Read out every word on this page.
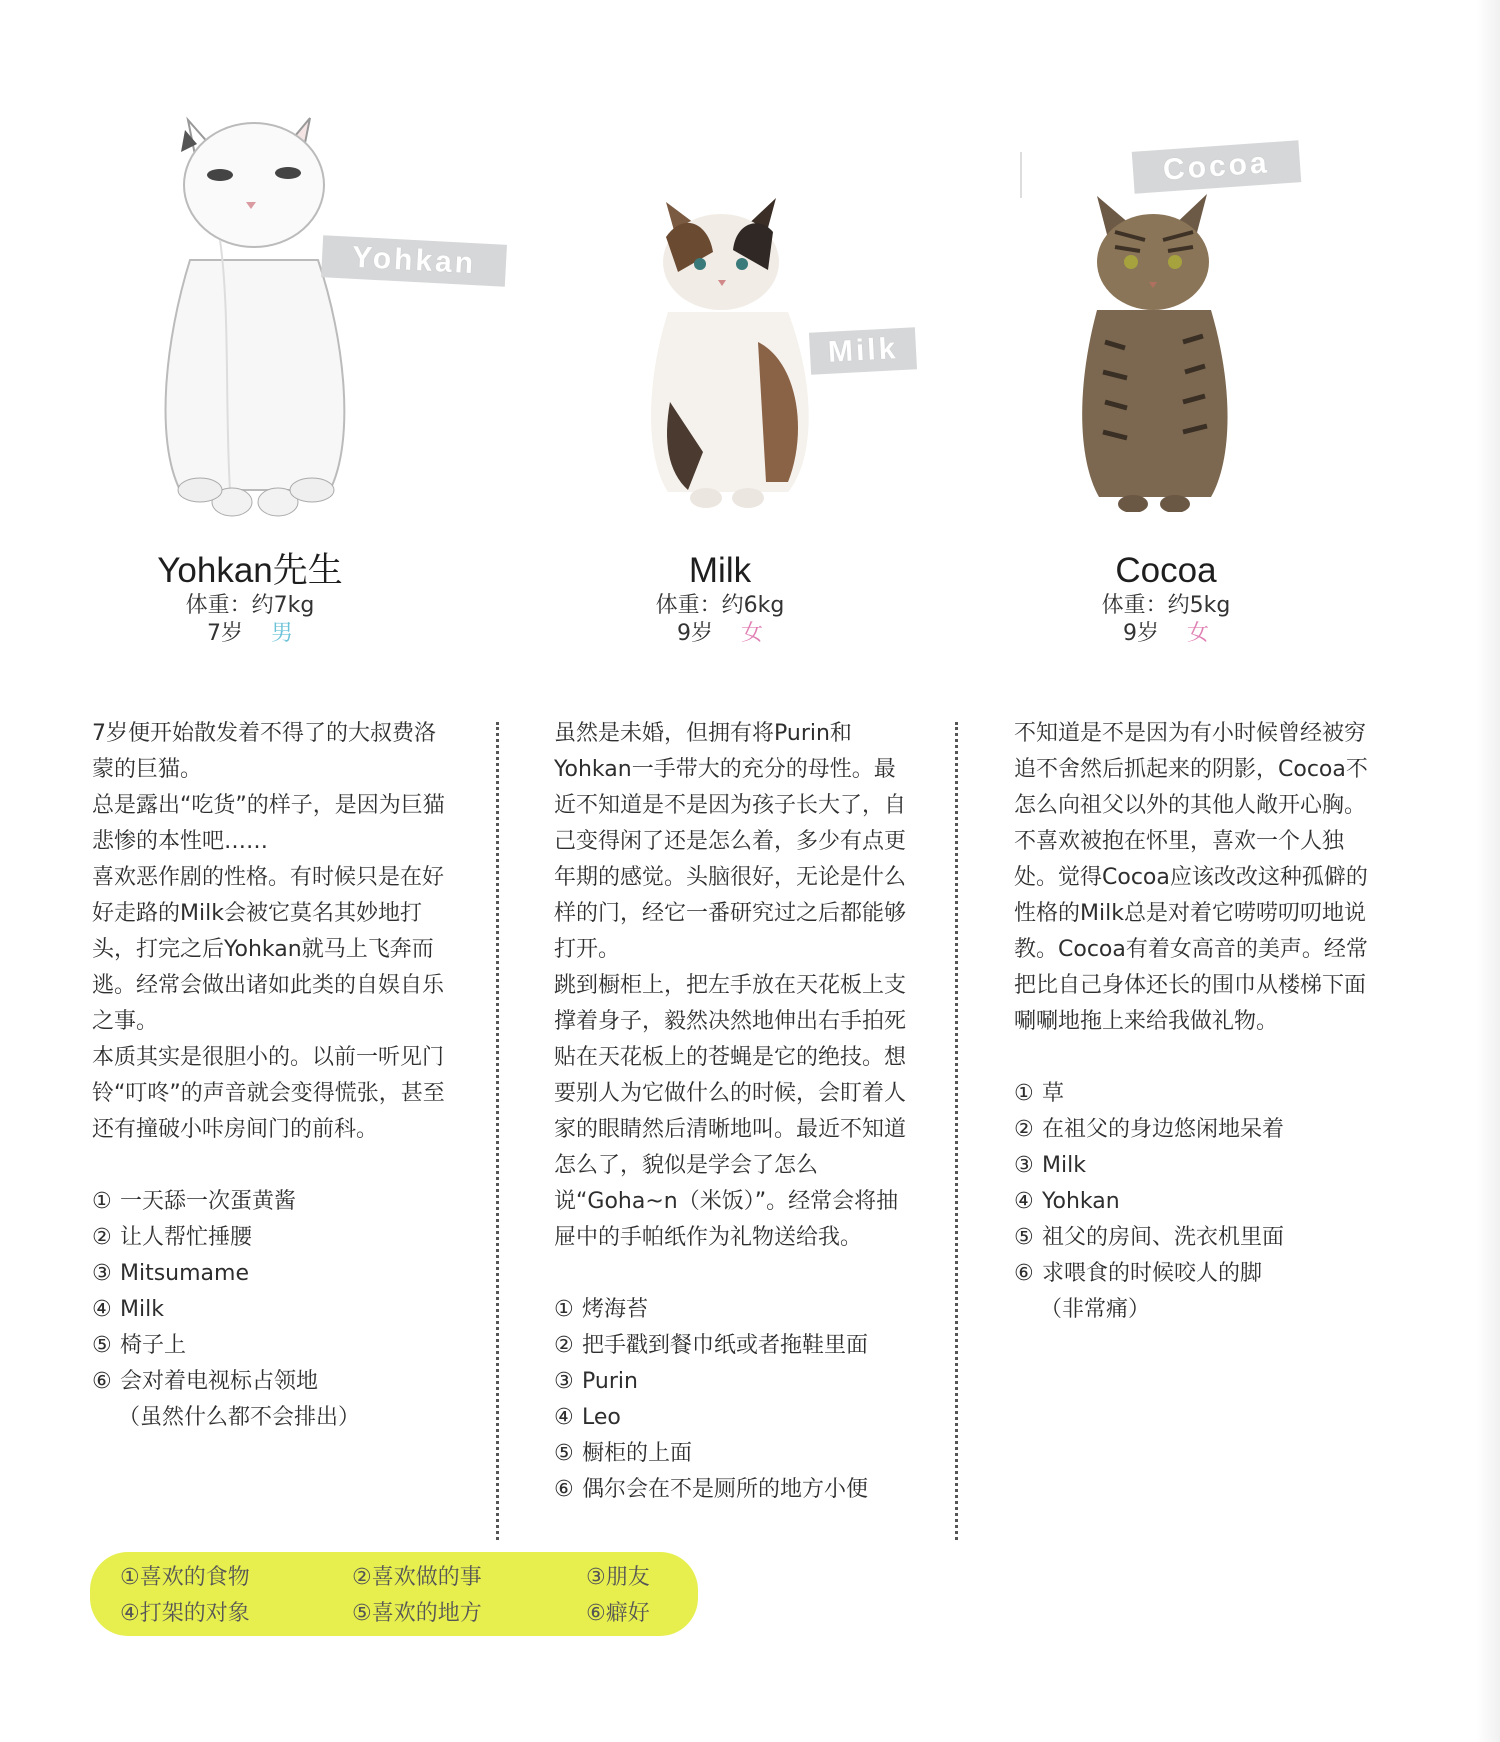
Yohkan
Milk
Cocoa
Yohkan先生
体重：约7kg
7岁 男
Milk
体重：约6kg
9岁 女
Cocoa
体重：约5kg
9岁 女

7岁便开始散发着不得了的大叔费洛蒙的巨猫。

总是露出“吃货”的样子，是因为巨猫悲惨的本性吧……

喜欢恶作剧的性格。有时候只是在好好走路的Milk会被它莫名其妙地打头，打完之后Yohkan就马上飞奔而逃。经常会做出诸如此类的自娱自乐之事。

本质其实是很胆小的。以前一听见门铃“叮咚”的声音就会变得慌张，甚至还有撞破小咔房间门的前科。

① 一天舔一次蛋黄酱
② 让人帮忙捶腰
③ Mitsumame
④ Milk
⑤ 椅子上
⑥ 会对着电视标占领地
（虽然什么都不会排出）

虽然是未婚，但拥有将Purin和Yohkan一手带大的充分的母性。最近不知道是不是因为孩子长大了，自己变得闲了还是怎么着，多少有点更年期的感觉。头脑很好，无论是什么样的门，经它一番研究过之后都能够打开。

跳到橱柜上，把左手放在天花板上支撑着身子，毅然决然地伸出右手拍死贴在天花板上的苍蝇是它的绝技。想要别人为它做什么的时候，会盯着人家的眼睛然后清晰地叫。最近不知道怎么了，貌似是学会了怎么说“Goha~n（米饭）”。经常会将抽屉中的手帕纸作为礼物送给我。

① 烤海苔
② 把手戳到餐巾纸或者拖鞋里面
③ Purin
④ Leo
⑤ 橱柜的上面
⑥ 偶尔会在不是厕所的地方小便

不知道是不是因为有小时候曾经被穷追不舍然后抓起来的阴影，Cocoa不怎么向祖父以外的其他人敞开心胸。不喜欢被抱在怀里，喜欢一个人独处。觉得Cocoa应该改改这种孤僻的性格的Milk总是对着它唠唠叨叨地说教。Cocoa有着女高音的美声。经常把比自己身体还长的围巾从楼梯下面唰唰地拖上来给我做礼物。

① 草
② 在祖父的身边悠闲地呆着
③ Milk
④ Yohkan
⑤ 祖父的房间、洗衣机里面
⑥ 求喂食的时候咬人的脚
（非常痛）
①喜欢的食物	②喜欢做的事	③朋友
④打架的对象	⑤喜欢的地方	⑥癖好
